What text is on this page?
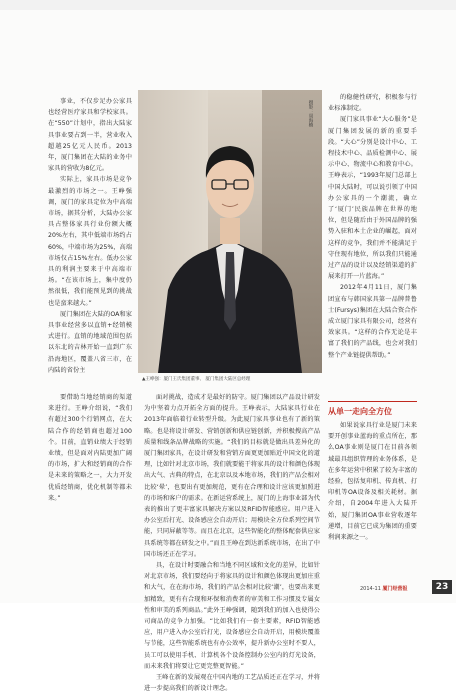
事业，不仅步足办公家具也经营医疗家具和学校家具。在“550”计划中，指出大陆家具事业要占到一半，营业收入超越25亿元人民币。2013年，厦门集团在大陆的业务中家具的营收为8亿元。

实际上，家具市场是竞争最激烈的市场之一。王峥强调，厦门的家具定位为中高端市场，据其分析，大陆办公家具占整体家具行业份额大概20%左右，其中低端市场约占60%，中端市场为25%，高端市场仅占15%左右。低办公家具的利润主要来于中高端市场。“在该市场上，集中度仍然很低，我们能预见到的挑战也是蛮来越大。”

厦门集团在大陆的OA和家具事业经营多以直销+经销模式进行。直销的地域范围包括以东北的吉林开始一直到广东沿海地区，覆盖八省三市，在内陆的省份主

摄影：周海楠
▲王峥强：厦门王氏集团董事、 厦门集团大陆区总经理

要借助当地经销商的渠道来进行。王峥介绍说，“我们有超过300个行销网点，在大陆合作的经销商也超过100个。目前，直销业绩大于经销业绩，但是面对内陆更加广阔的市场，扩大和经销商的合作是未来的策略之一，大力开发优质经销商，优化机制等都未来。”

面对挑战，造成才是最好的防守。厦门集团以产品设计研发为中坚着力点开拓全方面的提升。王峥表示，大陆家具行业在2013年面临着行业转型升级。为此厦门家具事业也有了新的策略。也是将设计研发、营销创新和供应链创新，并积极搜高产品质量和线条品牌战略的实施。“我们的目标就是做出具差异化的厦门集团家具，在设计研发和营销方面更更加贴近中国文化的道理，比如针对北京市场，我们就要能干将家具的设计和颜色体现出大气、古典的特点，在北京以及本地市场，我们的产品会相对比较‘晕’，也要出有更加规范，更有在合理和设计应该更加照进的市场和客户的需求。在新运营系统上，厦门的上海事业部为代表的推出了更丰富家具解决方案以及RFID智能感应。用户进入办公室后打光、设备感应会自动开启；用模块全方位系列空间节能，只同屏蔽等等。而且在北京，这些智能化的整体配套供应家具系统等都在研发之中。”而且王峥在到达新系统市场，在出了中国市场还正在学习。

具，在设计时要融合和当地不同区域和文化的差异，比如针对北京市场，我们要经向于将家具的设计和颜色体现出更加庄重和大气，在在海市场，我们的产品会相对比较‘潮’，也要出来更加精致，更有有合现和环保和消费者的审美和工作习惯及专属女性和审美的系列商品。”此外王峥强调，随到我们的加入也使得公司商品的竞争力加强。“比如我们有一套主要素，RFID智能感应，用户进入办公室后打光，设备感应会自动开启，用模块覆盖与节能，这些智能系统也有办公效率，提升新办公室时不要人，员工可以使用手机、计算机各个设备控制办公室内的灯光设备，而未来我们将要让它更完整更智能。”

王峰在新的发展观在中国内地的工艺品质还正在学习，并将进一步提高我们的新设计理念。

的稳健性研究，积极参与行业标准制定。

厦门家具事业“大心服务”是厦门集团发展的新的重要手段。“大心”分别是设计中心、工程技术中心、品质检测中心、展示中心、物流中心和教育中心。王峥表示，“1993年厦门总部上中国大陆时，可以说引领了中国办公家具的一个潮流，确立了‘厦门’民族品牌在世界的地位，但是随后由于外国品牌的强势入驻和本土企业的崛起，面对这样的竞争，我们并不能满足于守住现有地位，所以我们只能通过产品的设计以及经销渠道的扩展来打开一片蓝海。”

2012年4月11日，厦门集团宣布与韩国家具第一品牌普鲁士(Fursys)集团在大陆合资合作成立厦门家具有限公司，经营有效家具。“这样的合作无论是丰富了我们的产品线，也会对我们整个产业链提供帮助。”

从单一走向全方位

如果说家具行业是厦门未来要开创事业蓝海的重点所在，那么OA事业则是厦门在目前各领域最具组织管理的业务体系，是在多年运营中积累了较为丰富的经验，包括复印机、传真机、打印机等OA设备及相关耗材。据介绍，自2004年进入大陆开始，厦门集团OA事业营收逐年递增，目前它已成为集团的重要利润来源之一。

2014-11 厦门经营报	23
